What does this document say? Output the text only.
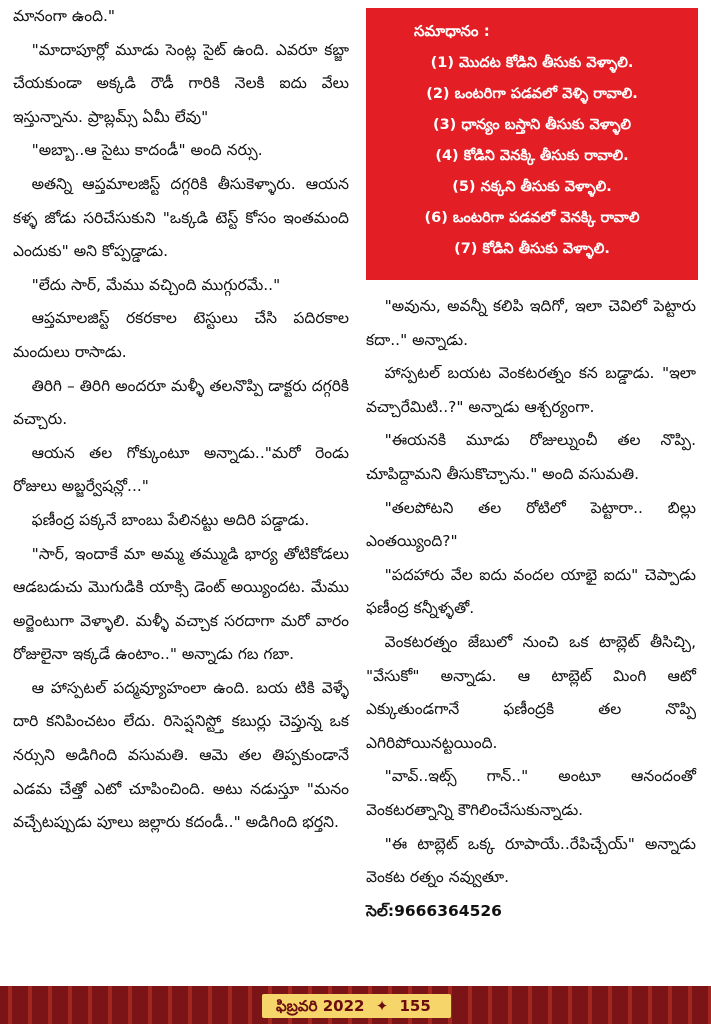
మానంగా ఉంది."

"మాదాపూర్లో మూడు సెంట్ల సైట్ ఉంది. ఎవరూ కబ్జా చేయకుండా అక్కడి రౌడీ గారికి నెలకి ఐదు వేలు ఇస్తున్నాను. ప్రాబ్లమ్స్ ఏమీ లేవు"

"అబ్బా..ఆ సైటు కాదండీ" అంది నర్సు.

అతన్ని ఆప్తమాలజిస్ట్ దగ్గరికి తీసుకెళ్ళారు. ఆయన కళ్ళ జోడు సరిచేసుకుని "ఒక్కడి టెస్ట్ కోసం ఇంతమంది ఎందుకు" అని కోప్పడ్డాడు.

"లేదు సార్, మేము వచ్చింది ముగ్గురమే.."

ఆప్తమాలజిస్ట్ రకరకాల టెస్టులు చేసి పదిరకాల మందులు రాసాడు.

తిరిగి – తిరిగి అందరూ మళ్ళీ తలనొప్పి డాక్టరు దగ్గరికి వచ్చారు.

ఆయన తల గోక్కుంటూ అన్నాడు.."మరో రెండు రోజులు అబ్జర్వేషన్లో..."

ఫణీంద్ర పక్కనే బాంబు పేలినట్టు అదిరి పడ్డాడు.

"సార్, ఇందాకే మా అమ్మ తమ్ముడి భార్య తోటికోడలు ఆడబడుచు మొగుడికి యాక్సి డెంట్ అయ్యిందట. మేము అర్జెంటుగా వెళ్ళాలి. మళ్ళీ వచ్చాక సరదాగా మరో వారం రోజులైనా ఇక్కడే ఉంటాం.." అన్నాడు గబ గబా.

ఆ హాస్పటల్ పద్మవ్యూహంలా ఉంది. బయ టికి వెళ్ళే దారి కనిపించటం లేదు. రిసెప్షనిస్ట్తో కబుర్లు చెప్తున్న ఒక నర్సుని అడిగింది వసుమతి. ఆమె తల తిప్పకుండానే ఎడమ చేత్తో ఎటో చూపించింది. అటు నడుస్తూ "మనం వచ్చేటప్పుడు పూలు జల్లారు కదండీ.." అడిగింది భర్తని.

సమాధానం :
(1) మొదట కోడిని తీసుకు వెళ్ళాలి.
(2) ఒంటరిగా పడవలో వెళ్ళి రావాలి.
(3) ధాన్యం బస్తాని తీసుకు వెళ్ళాలి
(4) కోడిని వెనక్కి తీసుకు రావాలి.
(5) నక్కని తీసుకు వెళ్ళాలి.
(6) ఒంటరిగా పడవలో వెనక్కి రావాలి
(7) కోడిని తీసుకు వెళ్ళాలి.

"అవును, అవన్నీ కలిపి ఇదిగో, ఇలా చెవిలో పెట్టారు కదా.." అన్నాడు.

హాస్పటల్ బయట వెంకటరత్నం కన బడ్డాడు. "ఇలా వచ్చారేమిటి..?" అన్నాడు ఆశ్చర్యంగా.

"ఈయనకి మూడు రోజుల్నుంచీ తల నొప్పి. చూపిద్దామని తీసుకొచ్చాను." అంది వసుమతి.

"తలపోటని తల రోటిలో పెట్టారా.. బిల్లు ఎంతయ్యింది?"

"పదహారు వేల ఐదు వందల యాభై ఐదు" చెప్పాడు ఫణీంద్ర కన్నీళ్ళతో.

వెంకటరత్నం జేబులో నుంచి ఒక టాబ్లెట్ తీసిచ్చి, "వేసుకో" అన్నాడు. ఆ టాబ్లెట్ మింగి ఆటో ఎక్కుతుండగానే ఫణీంద్రకి తల నొప్పి ఎగిరిపోయినట్టయింది.

"వావ్..ఇట్స్ గాన్.." అంటూ ఆనందంతో వెంకటరత్నాన్ని కౌగిలించేసుకున్నాడు.

"ఈ టాబ్లెట్ ఒక్క రూపాయే..రేపిచ్చేయ్" అన్నాడు వెంకట రత్నం నవ్వుతూ.

సెల్:9666364526

ఫిబ్రవరి 2022 ✦ 155
